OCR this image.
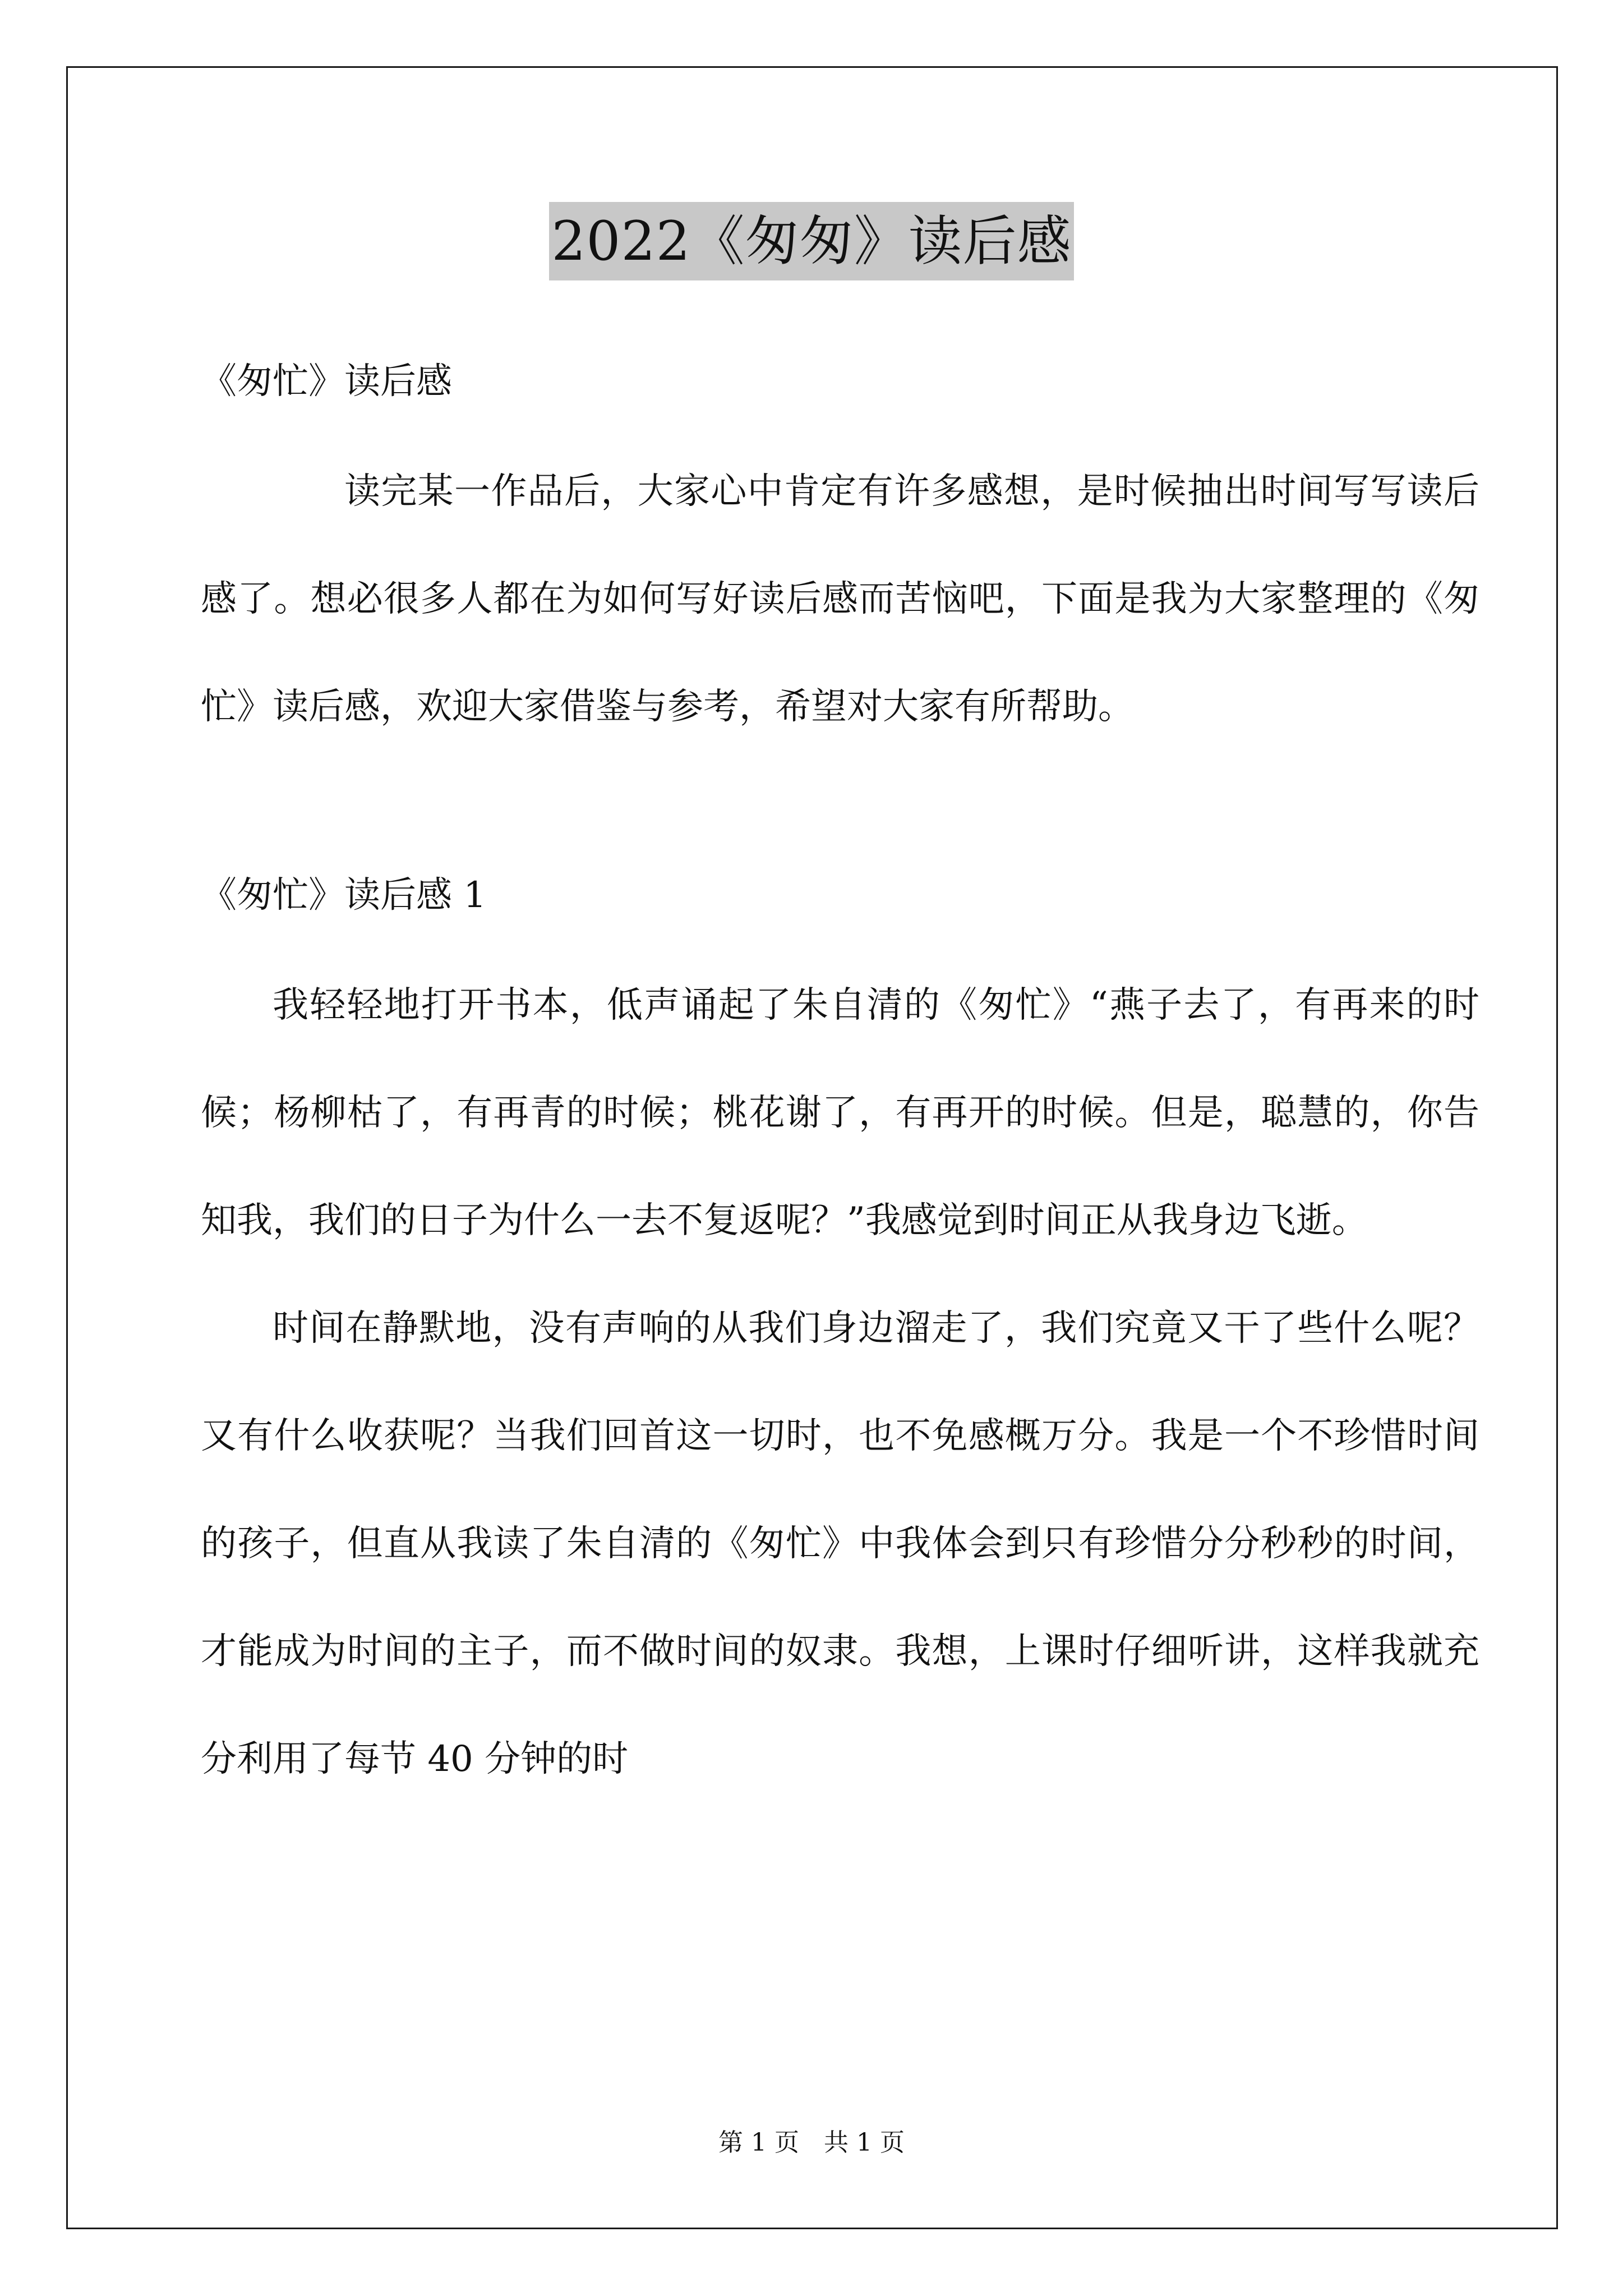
2022《匆匆》读后感

《匆忙》读后感

读完某一作品后，大家心中肯定有许多感想，是时候抽出时间写写读后感了。想必很多人都在为如何写好读后感而苦恼吧，下面是我为大家整理的《匆忙》读后感，欢迎大家借鉴与参考，希望对大家有所帮助。

《匆忙》读后感 1

我轻轻地打开书本，低声诵起了朱自清的《匆忙》“燕子去了，有再来的时候；杨柳枯了，有再青的时候；桃花谢了，有再开的时候。但是，聪慧的，你告知我，我们的日子为什么一去不复返呢？”我感觉到时间正从我身边飞逝。

时间在静默地，没有声响的从我们身边溜走了，我们究竟又干了些什么呢？又有什么收获呢？当我们回首这一切时，也不免感概万分。我是一个不珍惜时间的孩子，但直从我读了朱自清的《匆忙》中我体会到只有珍惜分分秒秒的时间，才能成为时间的主子，而不做时间的奴隶。我想，上课时仔细听讲，这样我就充分利用了每节 40 分钟的时

第 1 页　共 1 页
